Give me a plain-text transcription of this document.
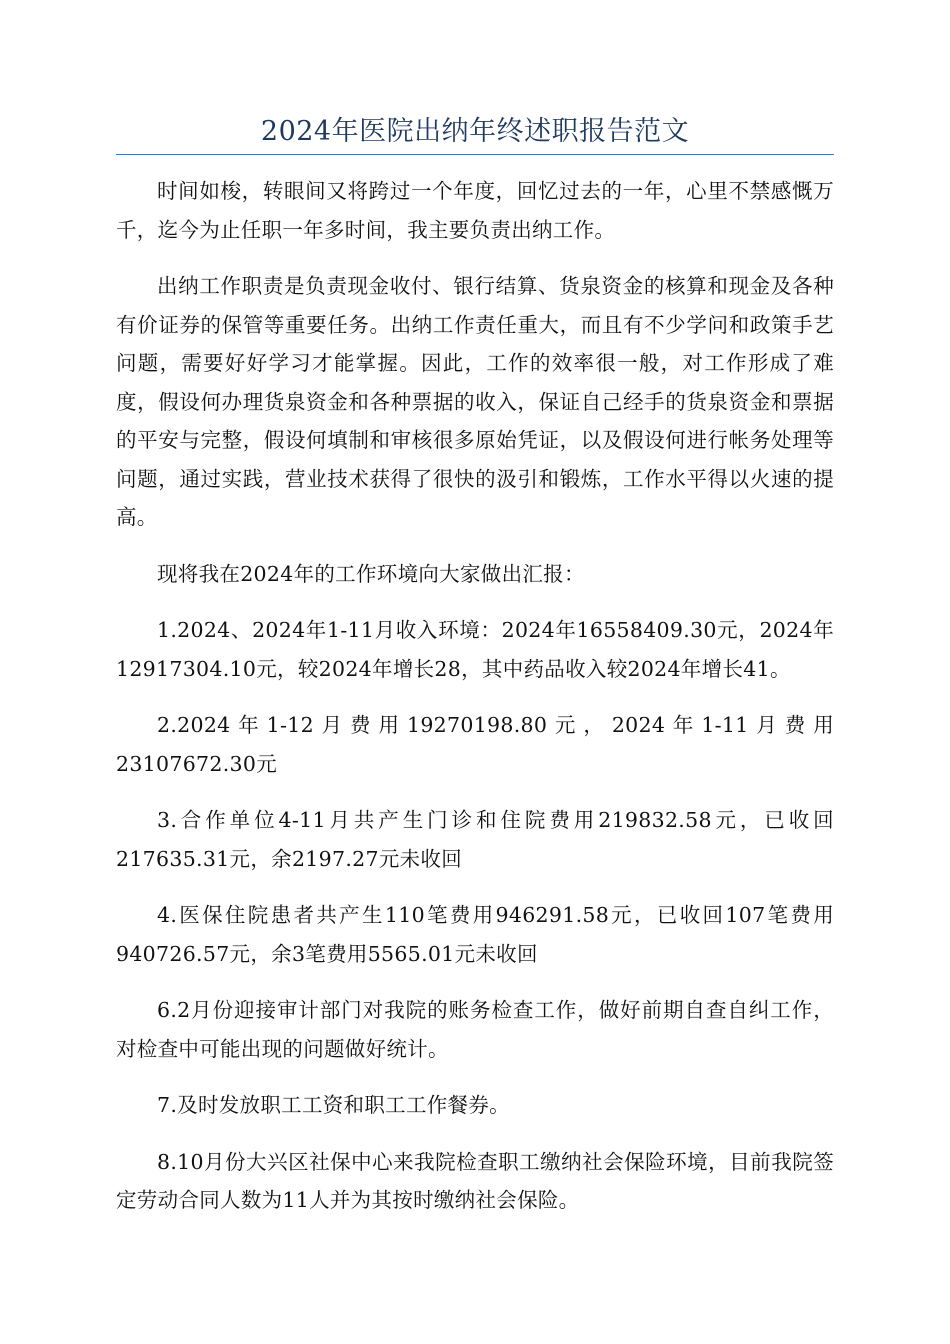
2024年医院出纳年终述职报告范文

时间如梭，转眼间又将跨过一个年度，回忆过去的一年，心里不禁感慨万千，迄今为止任职一年多时间，我主要负责出纳工作。

出纳工作职责是负责现金收付、银行结算、货泉资金的核算和现金及各种有价证券的保管等重要任务。出纳工作责任重大，而且有不少学问和政策手艺问题，需要好好学习才能掌握。因此，工作的效率很一般，对工作形成了难度，假设何办理货泉资金和各种票据的收入，保证自己经手的货泉资金和票据的平安与完整，假设何填制和审核很多原始凭证，以及假设何进行帐务处理等问题，通过实践，营业技术获得了很快的汲引和锻炼，工作水平得以火速的提高。

现将我在2024年的工作环境向大家做出汇报：

1.2024、2024年1-11月收入环境：2024年16558409.30元，2024年12917304.10元，较2024年增长28，其中药品收入较2024年增长41。

2.2024年1-12月费用19270198.80元，2024年1-11月费用23107672.30元

3.合作单位4-11月共产生门诊和住院费用219832.58元，已收回217635.31元，余2197.27元未收回

4.医保住院患者共产生110笔费用946291.58元，已收回107笔费用940726.57元，余3笔费用5565.01元未收回

6.2月份迎接审计部门对我院的账务检查工作，做好前期自查自纠工作，对检查中可能出现的问题做好统计。

7.及时发放职工工资和职工工作餐券。

8.10月份大兴区社保中心来我院检查职工缴纳社会保险环境，目前我院签定劳动合同人数为11人并为其按时缴纳社会保险。
